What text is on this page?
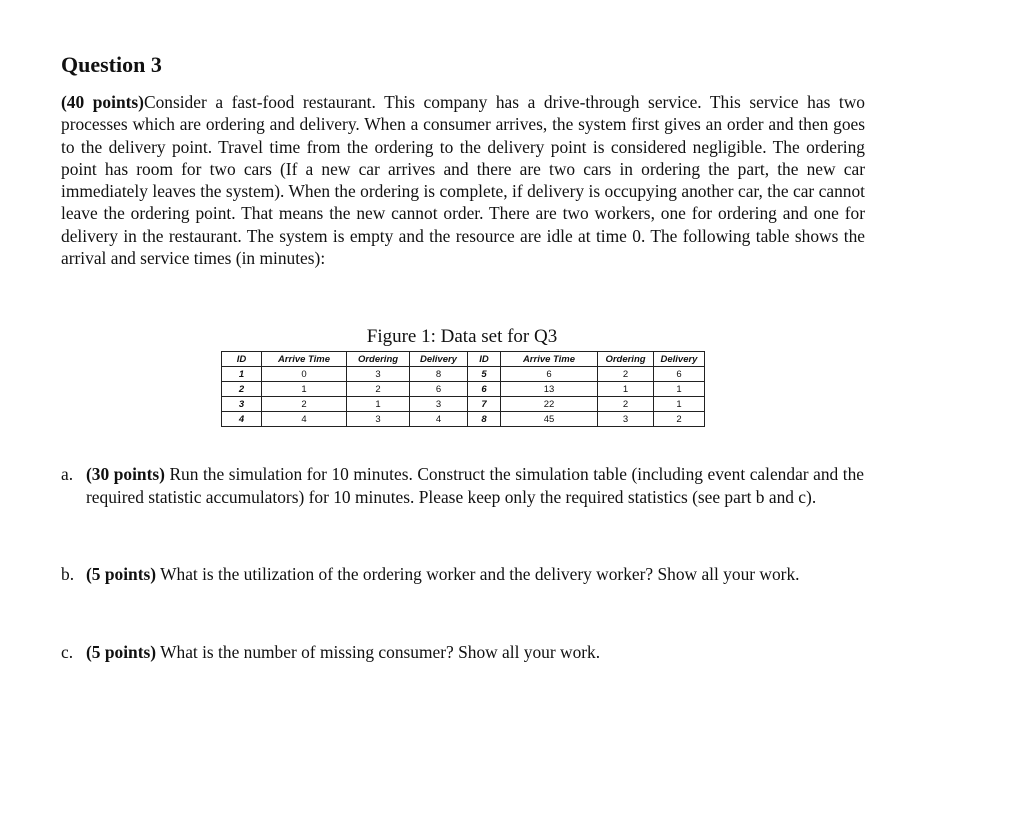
Question 3

(40 points)Consider a fast-food restaurant. This company has a drive-through service. This service has two processes which are ordering and delivery. When a consumer arrives, the system first gives an order and then goes to the delivery point. Travel time from the ordering to the delivery point is considered negligible. The ordering point has room for two cars (If a new car arrives and there are two cars in ordering the part, the new car immediately leaves the system). When the ordering is complete, if delivery is occupying another car, the car cannot leave the ordering point. That means the new cannot order. There are two workers, one for ordering and one for delivery in the restaurant. The system is empty and the resource are idle at time 0. The following table shows the arrival and service times (in minutes):

Figure 1: Data set for Q3
ID	Arrive Time	Ordering	Delivery	ID	Arrive Time	Ordering	Delivery
1	0	3	8	5	6	2	6
2	1	2	6	6	13	1	1
3	2	1	3	7	22	2	1
4	4	3	4	8	45	3	2
a. (30 points) Run the simulation for 10 minutes. Construct the simulation table (including event calendar and the required statistic accumulators) for 10 minutes. Please keep only the required statistics (see part b and c).
b. (5 points) What is the utilization of the ordering worker and the delivery worker? Show all your work.
c. (5 points) What is the number of missing consumer? Show all your work.
